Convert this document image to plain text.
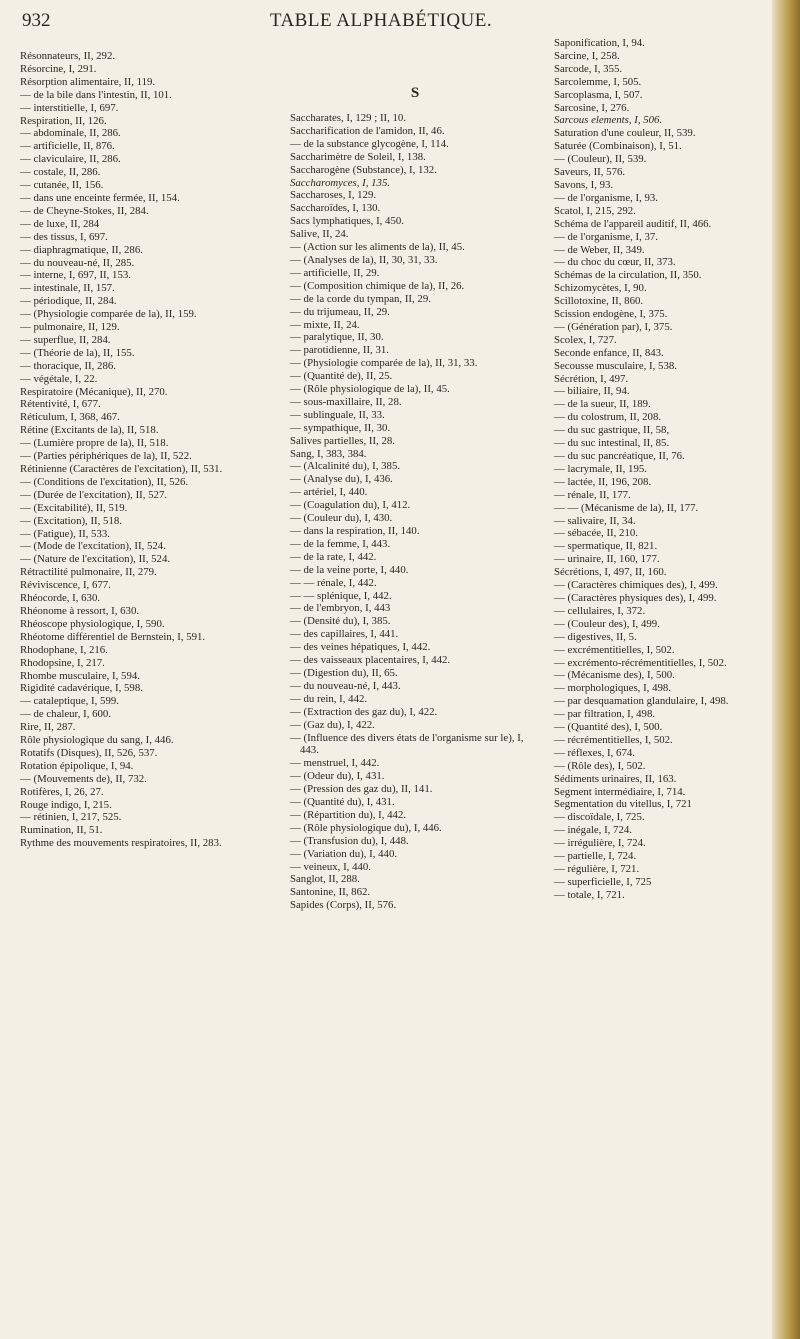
932	TABLE ALPHABÉTIQUE.

Résonnateurs, II, 292.

Résorcine, I, 291.

Résorption alimentaire, II, 119.

— de la bile dans l'intestin, II, 101.

— interstitielle, I, 697.

Respiration, II, 126.

— abdominale, II, 286.

— artificielle, II, 876.

— claviculaire, II, 286.

— costale, II, 286.

— cutanée, II, 156.

— dans une enceinte fermée, II, 154.

— de Cheyne-Stokes, II, 284.

— de luxe, II, 284

— des tissus, I, 697.

— diaphragmatique, II, 286.

— du nouveau-né, II, 285.

— interne, I, 697, II, 153.

— intestinale, II, 157.

— périodique, II, 284.

— (Physiologie comparée de la), II, 159.

— pulmonaire, II, 129.

— superflue, II, 284.

— (Théorie de la), II, 155.

— thoracique, II, 286.

— végétale, I, 22.

Respiratoire (Mécanique), II, 270.

Rétentivité, I, 677.

Réticulum, I, 368, 467.

Rétine (Excitants de la), II, 518.

— (Lumière propre de la), II, 518.

— (Parties périphériques de la), II, 522.

Rétinienne (Caractères de l'excitation), II, 531.

— (Conditions de l'excitation), II, 526.

— (Durée de l'excitation), II, 527.

— (Excitabilité), II, 519.

— (Excitation), II, 518.

— (Fatigue), II, 533.

— (Mode de l'excitation), II, 524.

— (Nature de l'excitation), II, 524.

Rétractilité pulmonaire, II, 279.

Réviviscence, I, 677.

Rhéocorde, I, 630.

Rhéonome à ressort, I, 630.

Rhéoscope physiologique, I, 590.

Rhéotome différentiel de Bernstein, I, 591.

Rhodophane, I, 216.

Rhodopsine, I, 217.

Rhombe musculaire, I, 594.

Rigidité cadavérique, I, 598.

— cataleptique, I, 599.

— de chaleur, I, 600.

Rire, II, 287.

Rôle physiologique du sang, I, 446.

Rotatifs (Disques), II, 526, 537.

Rotation épipolique, I, 94.

— (Mouvements de), II, 732.

Rotifères, I, 26, 27.

Rouge indigo, I, 215.

— rétinien, I, 217, 525.

Rumination, II, 51.

Rythme des mouvements respiratoires, II, 283.

S

Saccharates, I, 129 ; II, 10.

Saccharification de l'amidon, II, 46.

— de la substance glycogène, I, 114.

Saccharimètre de Soleil, I, 138.

Saccharogène (Substance), I, 132.

Saccharomyces, I, 135.

Saccharoses, I, 129.

Saccharoïdes, I, 130.

Sacs lymphatiques, I, 450.

Salive, II, 24.

— (Action sur les aliments de la), II, 45.

— (Analyses de la), II, 30, 31, 33.

— artificielle, II, 29.

— (Composition chimique de la), II, 26.

— de la corde du tympan, II, 29.

— du trijumeau, II, 29.

— mixte, II, 24.

— paralytique, II, 30.

— parotidienne, II, 31.

— (Physiologie comparée de la), II, 31, 33.

— (Quantité de), II, 25.

— (Rôle physiologique de la), II, 45.

— sous-maxillaire, II, 28.

— sublinguale, II, 33.

— sympathique, II, 30.

Salives partielles, II, 28.

Sang, I, 383, 384.

— (Alcalinité du), I, 385.

— (Analyse du), I, 436.

— artériel, I, 440.

— (Coagulation du), I, 412.

— (Couleur du), I, 430.

— dans la respiration, II, 140.

— de la femme, I, 443.

— de la rate, I, 442.

— de la veine porte, I, 440.

— — rénale, I, 442.

— — splénique, I, 442.

— de l'embryon, I, 443

— (Densité du), I, 385.

— des capillaires, I, 441.

— des veines hépatiques, I, 442.

— des vaisseaux placentaires, I, 442.

— (Digestion du), II, 65.

— du nouveau-né, I, 443.

— du rein, I, 442.

— (Extraction des gaz du), I, 422.

— (Gaz du), I, 422.

— (Influence des divers états de l'organisme sur le), I, 443.

— menstruel, I, 442.

— (Odeur du), I, 431.

— (Pression des gaz du), II, 141.

— (Quantité du), I, 431.

— (Répartition du), I, 442.

— (Rôle physiologique du), I, 446.

— (Transfusion du), I, 448.

— (Variation du), I, 440.

— veineux, I, 440.

Sanglot, II, 288.

Santonine, II, 862.

Sapides (Corps), II, 576.

Saponification, I, 94.

Sarcine, I, 258.

Sarcode, I, 355.

Sarcolemme, I, 505.

Sarcoplasma, I, 507.

Sarcosine, I, 276.

Sarcous elements, I, 506.

Saturation d'une couleur, II, 539.

Saturée (Combinaison), I, 51.

— (Couleur), II, 539.

Saveurs, II, 576.

Savons, I, 93.

— de l'organisme, I, 93.

Scatol, I, 215, 292.

Schéma de l'appareil auditif, II, 466.

— de l'organisme, I, 37.

— de Weber, II, 349.

— du choc du cœur, II, 373.

Schémas de la circulation, II, 350.

Schizomycètes, I, 90.

Scillotoxine, II, 860.

Scission endogène, I, 375.

— (Génération par), I, 375.

Scolex, I, 727.

Seconde enfance, II, 843.

Secousse musculaire, I, 538.

Sécrétion, I, 497.

— biliaire, II, 94.

— de la sueur, II, 189.

— du colostrum, II, 208.

— du suc gastrique, II, 58,

— du suc intestinal, II, 85.

— du suc pancréatique, II, 76.

— lacrymale, II, 195.

— lactée, II, 196, 208.

— rénale, II, 177.

— — (Mécanisme de la), II, 177.

— salivaire, II, 34.

— sébacée, II, 210.

— spermatique, II, 821.

— urinaire, II, 160, 177.

Sécrétions, I, 497, II, 160.

— (Caractères chimiques des), I, 499.

— (Caractères physiques des), I, 499.

— cellulaires, I, 372.

— (Couleur des), I, 499.

— digestives, II, 5.

— excrémentitielles, I, 502.

— excrémento-récrémentitielles, I, 502.

— (Mécanisme des), I, 500.

— morphologiques, I, 498.

— par desquamation glandulaire, I, 498.

— par filtration, I, 498.

— (Quantité des), I, 500.

— récrémentitielles, I, 502.

— réflexes, I, 674.

— (Rôle des), I, 502.

Sédiments urinaires, II, 163.

Segment intermédiaire, I, 714.

Segmentation du vitellus, I, 721

— discoïdale, I, 725.

— inégale, I, 724.

— irrégulière, I, 724.

— partielle, I, 724.

— régulière, I, 721.

— superficielle, I, 725

— totale, I, 721.
